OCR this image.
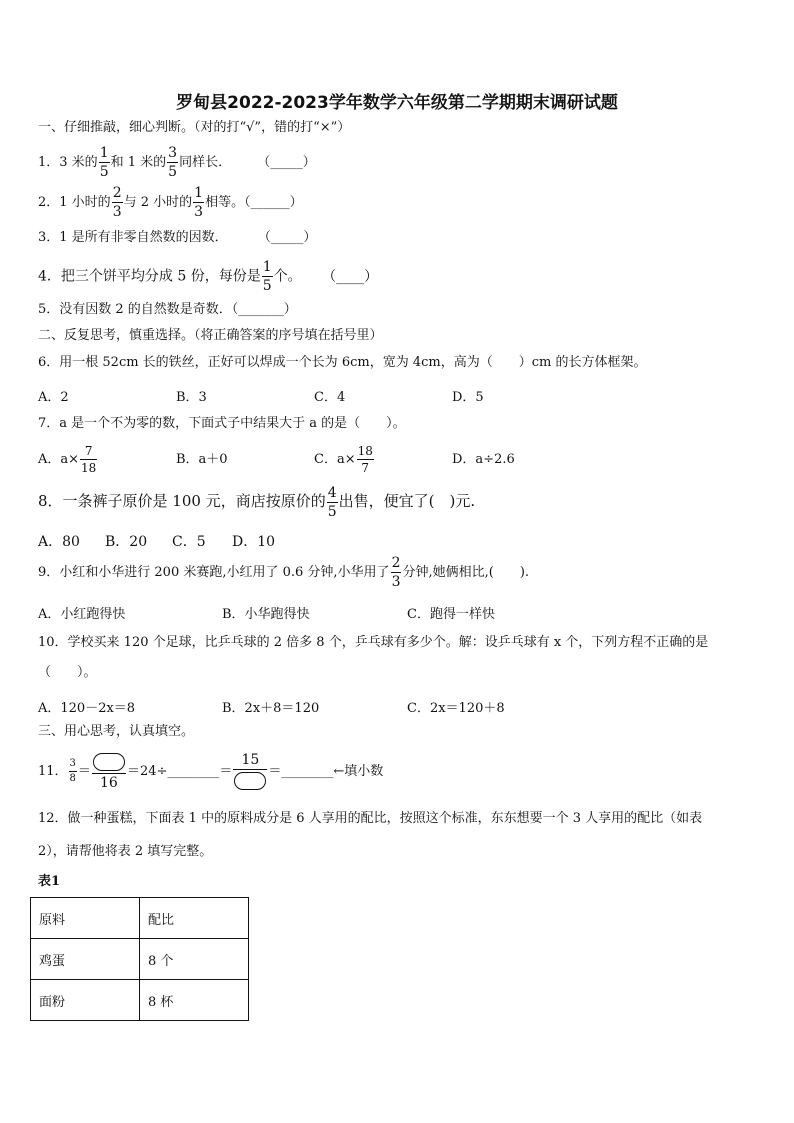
罗甸县2022-2023学年数学六年级第二学期期末调研试题
一、仔细推敲，细心判断。（对的打“√”，错的打“×”）
1．3 米的 $\frac{1}{5}$ 和 1 米的 $\frac{3}{5}$ 同样长． （_____）
2．1 小时的 $\frac{2}{3}$ 与 2 小时的 $\frac{1}{3}$ 相等。（______）
3．1 是所有非零自然数的因数． （_____）
4．把三个饼平均分成 5 份，每份是 $\frac{1}{5}$ 个。 （____）
5．没有因数 2 的自然数是奇数．（_______）
二、反复思考，慎重选择。（将正确答案的序号填在括号里）
6．用一根 52cm 长的铁丝，正好可以焊成一个长为 6cm，宽为 4cm，高为（　　）cm 的长方体框架。
A．2	B．3	C．4	D．5
7．a 是一个不为零的数，下面式子中结果大于 a 的是（　　）。
A．$a\times \frac{7}{18}$	B．a＋0	C．$a\times \frac{18}{7}$	D．a÷2.6
8．一条裤子原价是 100 元，商店按原价的 $\frac{4}{5}$ 出售，便宜了(　)元.
A．80 B．20 C．5 D．10
9．小红和小华进行 200 米赛跑,小红用了 0.6 分钟,小华用了 $\frac{2}{3}$ 分钟,她俩相比,(　　).
A．小红跑得快	B．小华跑得快	C．跑得一样快
10．学校买来 120 个足球，比乒乓球的 2 倍多 8 个，乒乓球有多少个。解：设乒乓球有 x 个，下列方程不正确的是
（　　）。
A．120－2x＝8	B．2x＋8＝120	C．2x＝120＋8
三、用心思考，认真填空。
11． $\frac{3}{8}$ ＝
16
＝24÷________＝
15
＝________←填小数
12．做一种蛋糕，下面表 1 中的原料成分是 6 人享用的配比，按照这个标准，东东想要一个 3 人享用的配比（如表
2），请帮他将表 2 填写完整。
表1
原料	配比
鸡蛋	8 个
面粉	8 杯
